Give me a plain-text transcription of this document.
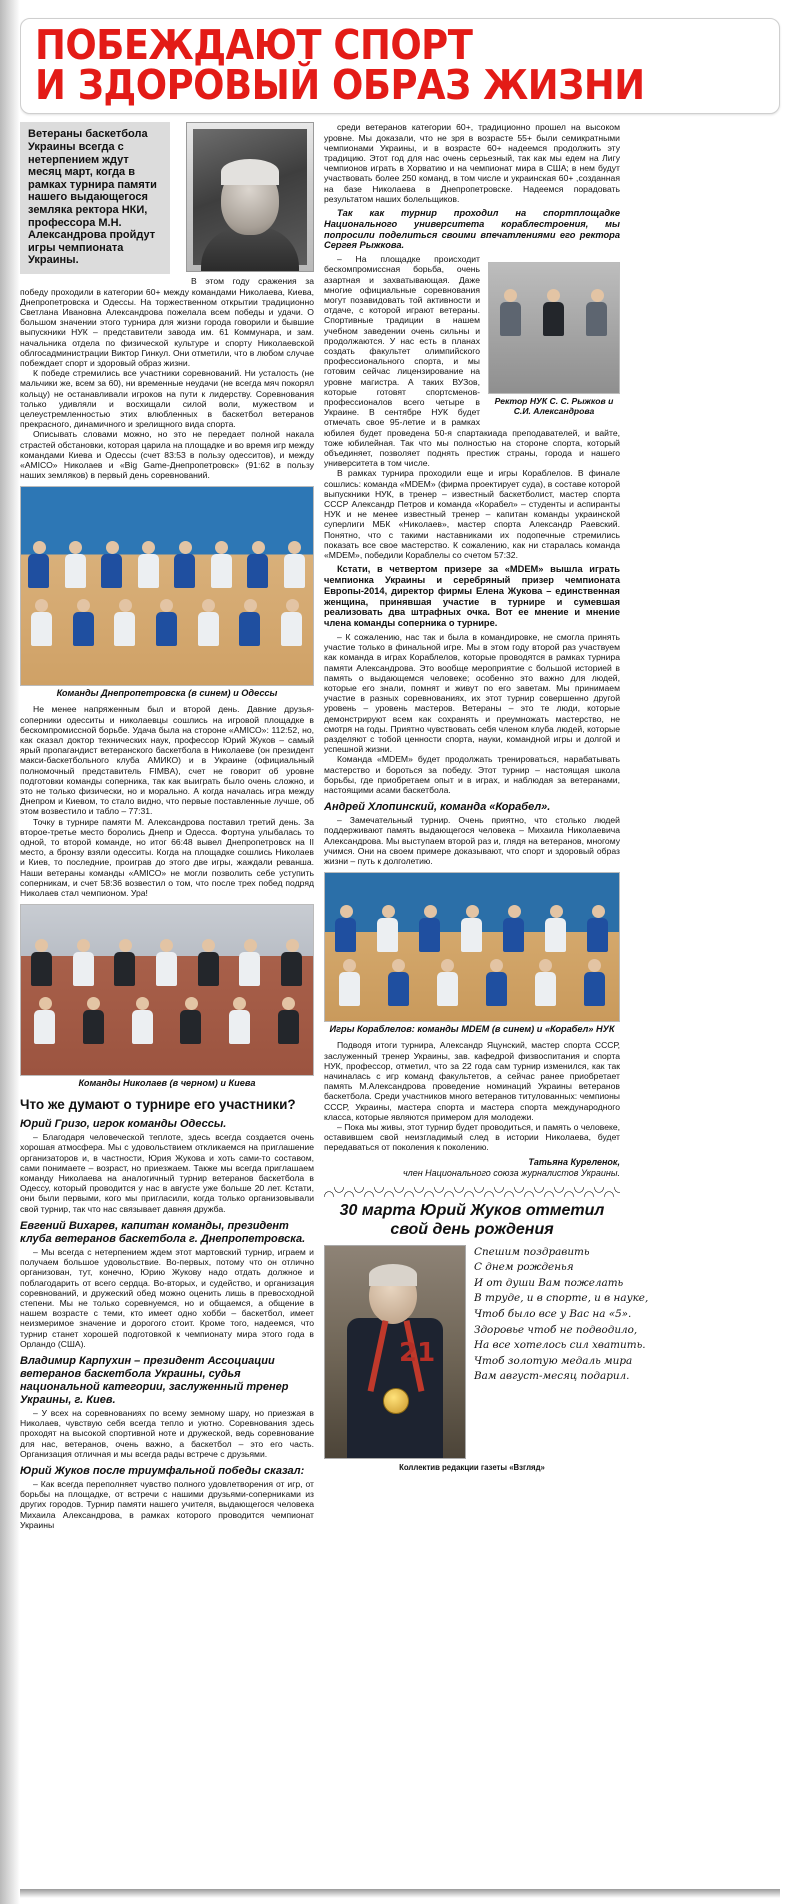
ПОБЕЖДАЮТ СПОРТ
И ЗДОРОВЫЙ ОБРАЗ ЖИЗНИ
Ветераны баскетбола Украины всегда с нетерпением ждут месяц март, когда в рамках турнира памяти нашего выдающегося земляка ректора НКИ, профессора М.Н. Александрова пройдут игры чемпионата Украины.

В этом году сражения за победу проходили в категории 60+ между командами Николаева, Киева, Днепропетровска и Одессы. На торжественном открытии традиционно Светлана Ивановна Александрова пожелала всем победы и удачи. О большом значении этого турнира для жизни города говорили и бывшие выпускники НУК – представители завода им. 61 Коммунара, и зам. начальника отдела по физической культуре и спорту Николаевской облгосадминистрации Виктор Гинкул. Они отметили, что в любом случае побеждает спорт и здоровый образ жизни.

К победе стремились все участники соревнований. Ни усталость (не мальчики же, всем за 60), ни временные неудачи (не всегда мяч покорял кольцу) не останавливали игроков на пути к лидерству. Соревнования только удивляли и восхищали силой воли, мужеством и целеустремленностью этих влюбленных в баскетбол ветеранов прекрасного, динамичного и зрелищного вида спорта.

Описывать словами можно, но это не передает полной накала страстей обстановки, которая царила на площадке и во время игр между командами Киева и Одессы (счет 83:53 в пользу одесситов), и между «АМІСО» Николаев и «Big Game-Днепропетровск» (91:62 в пользу наших земляков) в первый день соревнований.

Команды Днепропетровска (в синем) и Одессы

Не менее напряженным был и второй день. Давние друзья-соперники одесситы и николаевцы сошлись на игровой площадке в бескомпромиссной борьбе. Удача была на стороне «АМІСО»: 112:52, но, как сказал доктор технических наук, профессор Юрий Жуков – самый ярый пропагандист ветеранского баскетбола в Николаеве (он президент макси-баскетбольного клуба АМИКО) и в Украине (официальный полномочный представитель FIMBA), счет не говорит об уровне подготовки команды соперника, так как выиграть было очень сложно, и это не только физически, но и морально. А когда началась игра между Днепром и Киевом, то стало видно, что первые поставленные лучше, об этом возвестило и табло – 77:31.

Точку в турнире памяти М. Александрова поставил третий день. За второе-третье место боролись Днепр и Одесса. Фортуна улыбалась то одной, то второй команде, но итог 66:48 вывел Днепропетровск на II место, а бронзу взяли одесситы. Когда на площадке сошлись Николаев и Киев, то последние, проиграв до этого две игры, жаждали реванша. Наши ветераны команды «АМІСО» не могли позволить себе уступить соперникам, и счет 58:36 возвестил о том, что после трех побед подряд Николаев стал чемпионом. Ура!

Команды Николаев (в черном) и Киева
Что же думают о турнире его участники?
Юрий Гризо, игрок команды Одессы.

– Благодаря человеческой теплоте, здесь всегда создается очень хорошая атмосфера. Мы с удовольствием откликаемся на приглашение организаторов и, в частности, Юрия Жукова и хоть сами-то составом, сами понимаете – возраст, но приезжаем. Также мы всегда приглашаем команду Николаева на аналогичный турнир ветеранов баскетбола в Одессу, который проводится у нас в августе уже больше 20 лет. Кстати, они были первыми, кого мы пригласили, когда только организовывали свой турнир, так что нас связывает давняя дружба.

Евгений Вихарев, капитан команды, президент клуба ветеранов баскетбола г. Днепропетровска.

– Мы всегда с нетерпением ждем этот мартовский турнир, играем и получаем большое удовольствие. Во-первых, потому что он отлично организован, тут, конечно, Юрию Жукову надо отдать должное и поблагодарить от всего сердца. Во-вторых, и судейство, и организация соревнований, и дружеский обед можно оценить лишь в превосходной степени. Мы не только соревнуемся, но и общаемся, а общение в нашем возрасте с теми, кто имеет одно хобби – баскетбол, имеет неизмеримое значение и дорогого стоит. Кроме того, надеемся, что турнир станет хорошей подготовкой к чемпионату мира этого года в Орландо (США).

Владимир Карпухин – президент Ассоциации ветеранов баскетбола Украины, судья национальной категории, заслуженный тренер Украины, г. Киев.

– У всех на соревнованиях по всему земному шару, но приезжая в Николаев, чувствую себя всегда тепло и уютно. Соревнования здесь проходят на высокой спортивной ноте и дружеской, ведь соревнование для нас, ветеранов, очень важно, а баскетбол – это его часть. Организация отличная и мы всегда рады встрече с друзьями.

Юрий Жуков после триумфальной победы сказал:

– Как всегда переполняет чувство полного удовлетворения от игр, от борьбы на площадке, от встречи с нашими друзьями-соперниками из других городов. Турнир памяти нашего учителя, выдающегося человека Михаила Александрова, в рамках которого проводится чемпионат Украины

среди ветеранов категории 60+, традиционно прошел на высоком уровне. Мы доказали, что не зря в возрасте 55+ были семикратными чемпионами Украины, и в возрасте 60+ надеемся продолжить эту традицию. Этот год для нас очень серьезный, так как мы едем на Лигу чемпионов играть в Хорватию и на чемпионат мира в США; в нем будут участвовать более 250 команд, в том числе и украинская 60+ ,созданная на базе Николаева в Днепропетровске. Надеемся порадовать результатом наших болельщиков.

Так как турнир проходил на спортплощадке Национального университета кораблестроения, мы попросили поделиться своими впечатлениями его ректора Сергея Рыжкова.
Ректор НУК С. С. Рыжков и С.И. Александрова

– На площадке происходит бескомпромиссная борьба, очень азартная и захватывающая. Даже многие официальные соревнования могут позавидовать той активности и отдаче, с которой играют ветераны. Спортивные традиции в нашем учебном заведении очень сильны и продолжаются. У нас есть в планах создать факультет олимпийского профессионального спорта, и мы готовим сейчас лицензирование на уровне магистра. А таких ВУЗов, которые готовят спортсменов-профессионалов всего четыре в Украине. В сентябре НУК будет отмечать свое 95-летие и в рамках юбилея будет проведена 50-я спартакиада преподавателей, и вайте, тоже юбилейная. Так что мы полностью на стороне спорта, который объединяет, позволяет поднять престиж страны, города и нашего университета в том числе.

В рамках турнира проходили еще и игры Кораблелов. В финале сошлись: команда «MDEM» (фирма проектирует суда), в составе которой выпускники НУК, в тренер – известный баскетболист, мастер спорта СССР Александр Петров и команда «Корабел» – студенты и аспиранты НУК и не менее известный тренер – капитан команды украинской суперлиги МБК «Николаев», мастер спорта Александр Раевский. Понятно, что с такими наставниками их подопечные стремились показать все свое мастерство. К сожалению, как ни старалась команда «MDEM», победили Кораблелы со счетом 57:32.

Кстати, в четвертом призере за «MDEM» вышла играть чемпионка Украины и серебряный призер чемпионата Европы-2014, директор фирмы Елена Жукова – единственная женщина, принявшая участие в турнире и сумевшая реализовать два штрафных очка. Вот ее мнение и мнение члена команды соперника о турнире.

– К сожалению, нас так и была в командировке, не смогла принять участие только в финальной игре. Мы в этом году второй раз участвуем как команда в играх Кораблелов, которые проводятся в рамках турнира памяти Александрова. Это вообще мероприятие с большой историей в память о выдающемся человеке; особенно это важно для людей, которые его знали, помнят и живут по его заветам. Мы принимаем участие в разных соревнованиях, их этот турнир совершенно другой уровень – уровень мастеров. Ветераны – это те люди, которые демонстрируют всем как сохранять и преумножать мастерство, не смотря на годы. Приятно чувствовать себя членом клуба людей, которые разделяют с тобой ценности спорта, науки, командной игры и долгой и успешной жизни.

Команда «MDEM» будет продолжать тренироваться, нарабатывать мастерство и бороться за победу. Этот турнир – настоящая школа борьбы, где приобретаем опыт и в играх, и наблюдая за ветеранами, настоящими асами баскетбола.

Андрей Хлопинский, команда «Корабел».

– Замечательный турнир. Очень приятно, что столько людей поддерживают память выдающегося человека – Михаила Николаевича Александрова. Мы выступаем второй раз и, глядя на ветеранов, многому учимся. Они на своем примере доказывают, что спорт и здоровый образ жизни – путь к долголетию.

Игры Кораблелов: команды MDEM (в синем) и «Корабел» НУК

Подводя итоги турнира, Александр Яцунский, мастер спорта СССР, заслуженный тренер Украины, зав. кафедрой физвоспитания и спорта НУК, профессор, отметил, что за 22 года сам турнир изменился, как так начиналась с игр команд факультетов, а сейчас ранее приобретает память М.Александрова проведение номинаций Украины ветеранов баскетбола. Среди участников много ветеранов титулованных: чемпионы СССР, Украины, мастера спорта и мастера спорта международного класса, которые являются примером для молодежи.

– Пока мы живы, этот турнир будет проводиться, и память о человеке, оставившем свой неизгладимый след в истории Николаева, будет передаваться от поколения к поколению.

Татьяна Куреленок,
член Национального союза журналистов Украины.
30 марта Юрий Жуков отметил свой день рождения
21
Спешим поздравить
С днем рожденья
И от души Вам пожелать
В труде, и в спорте, и в науке,
Чтоб было все у Вас на «5».
Здоровье чтоб не подводило,
На все хотелось сил хватить.
Чтоб золотую медаль мира
Вам август-месяц подарил.
Коллектив редакции газеты «Взгляд»
